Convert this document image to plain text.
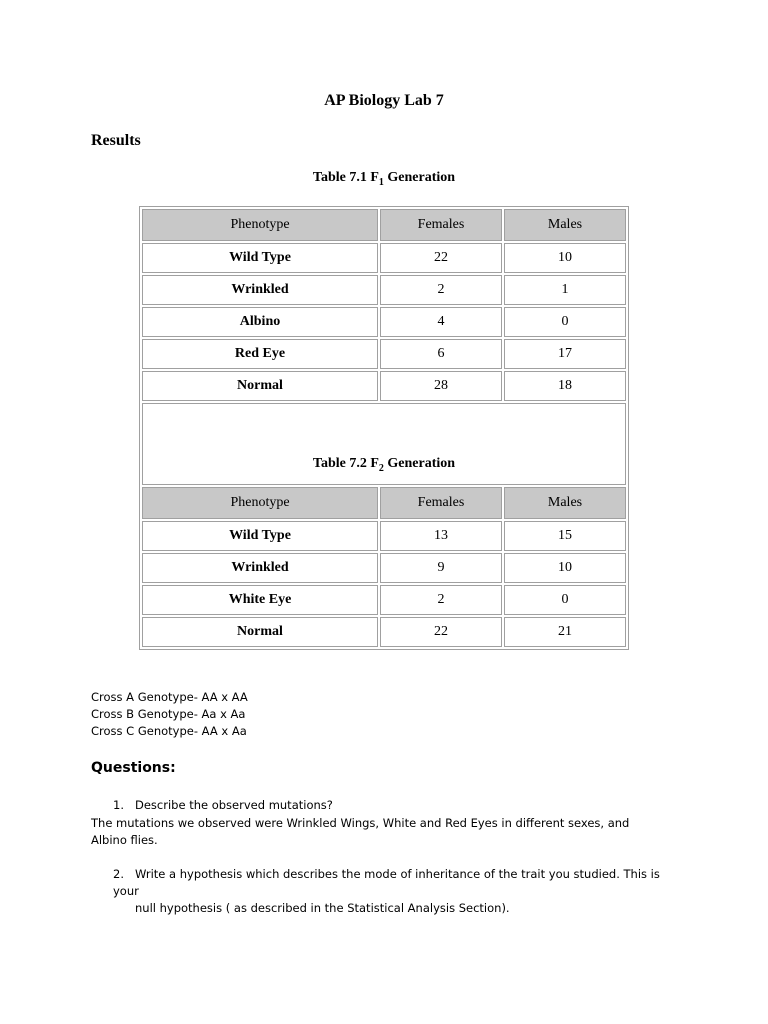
AP Biology Lab 7
Results
Table 7.1 $F_1$ Generation
Phenotype	Females	Males
Wild Type	22	10
Wrinkled	2	1
Albino	4	0
Red Eye	6	17
Normal	28	18
Table 7.2 $F_2$ Generation		
Phenotype	Females	Males
Wild Type	13	15
Wrinkled	9	10
White Eye	2	0
Normal	22	21
Cross A Genotype- AA x AA
Cross B Genotype- Aa x Aa
Cross C Genotype- AA x Aa
Questions:
1. Describe the observed mutations?
The mutations we observed were Wrinkled Wings, White and Red Eyes in different sexes, and Albino flies.
2. Write a hypothesis which describes the mode of inheritance of the trait you studied. This is your
null hypothesis ( as described in the Statistical Analysis Section).
